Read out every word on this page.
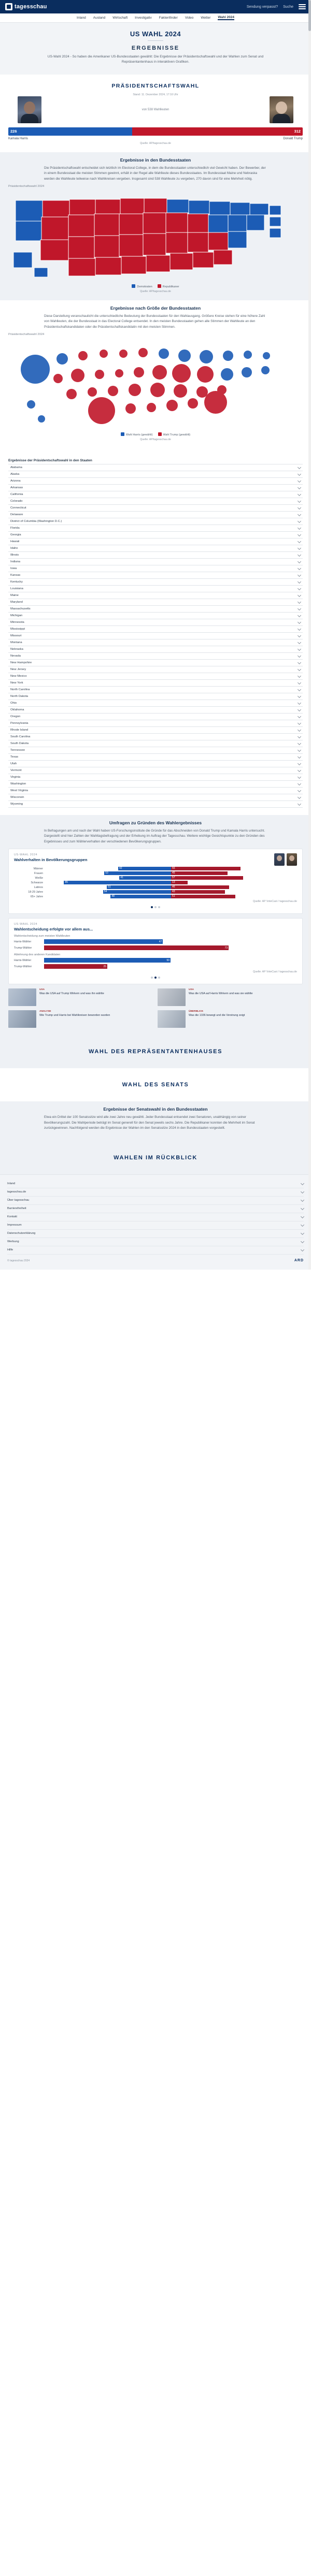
tagesschau	Sendung verpasst? Suche
Inland Ausland Wirtschaft Investigativ Faktenfinder Video Wetter Wahl 2024
US WAHL 2024
ERGEBNISSE

US-Wahl 2024 - So haben die Amerikaner US-Bundesstaaten gewählt: Die Ergebnisse der Präsidentschaftswahl und der Wahlen zum Senat und Repräsentantenhaus in interaktiven Grafiken.

PRÄSIDENTSCHAFTSWAHL
Stand: 11. Dezember 2024, 17:16 Uhr
von 538 Wahlleuten
226	312
Kamala Harris	Donald Trump
Quelle: AP/tagesschau.de
Ergebnisse in den Bundesstaaten

Die Präsidentschaftswahl entscheidet sich letztlich im Electoral College, in dem die Bundesstaaten unterschiedlich viel Gewicht haben. Der Bewerber, der in einem Bundesstaat die meisten Stimmen gewinnt, erhält in der Regel alle Wahlleute dieses Bundesstaates. Im Bundesstaat Maine und Nebraska werden die Wahlleute teilweise nach Wahlkreisen vergeben. Insgesamt sind 538 Wahlleute zu vergeben, 270 davon sind für eine Mehrheit nötig.

Präsidentschaftswahl 2024
Demokraten	Republikaner
Quelle: AP/tagesschau.de
Ergebnisse nach Größe der Bundesstaaten

Diese Darstellung veranschaulicht die unterschiedliche Bedeutung der Bundesstaaten für den Wahlausgang. Größere Kreise stehen für eine höhere Zahl von Wahlleuten, die der Bundesstaat in das Electoral College entsendet. In den meisten Bundesstaaten gehen alle Stimmen der Wahlleute an den Präsidentschaftskandidaten oder die Präsidentschaftskandidatin mit den meisten Stimmen.

Präsidentschaftswahl 2024
Wahl Harris (gewählt)	Wahl Trump (gewählt)
Quelle: AP/tagesschau.de
Ergebnisse der Präsidentschaftswahl in den Staaten
Alabama
Alaska
Arizona
Arkansas
California
Colorado
Connecticut
Delaware
District of Columbia (Washington D.C.)
Florida
Georgia
Hawaii
Idaho
Illinois
Indiana
Iowa
Kansas
Kentucky
Louisiana
Maine
Maryland
Massachusetts
Michigan
Minnesota
Mississippi
Missouri
Montana
Nebraska
Nevada
New Hampshire
New Jersey
New Mexico
New York
North Carolina
North Dakota
Ohio
Oklahoma
Oregon
Pennsylvania
Rhode Island
South Carolina
South Dakota
Tennessee
Texas
Utah
Vermont
Virginia
Washington
West Virginia
Wisconsin
Wyoming
Umfragen zu Gründen des Wahlergebnisses

In Befragungen am und nach der Wahl haben US-Forschungsinstitute die Gründe für das Abschneiden von Donald Trump und Kamala Harris untersucht. Dargestellt sind hier Zahlen der Wahltagsbefragung und der Erhebung im Auftrag der Tagesschau. Weitere wichtige Gesichtspunkte zu den Gründen des Ergebnisses und zum Wählerverhalten der verschiedenen Bevölkerungsgruppen.

US-WAHL 2024
Wahlverhalten in Bevölkerungsgruppen
Männer	42	55
Frauen	53	45
Weiße	41	57
Schwarze	85	13
Latinos	51	46
18-29 Jahre	54	43
65+ Jahre	48	51
Quelle: AP VoteCast / tagesschau.de
US-WAHL 2024
Wahlentscheidung erfolgte vor allem aus...
Wahlentscheidung zum meisten Wahlleuten
Harris-Wähler	47
Trump-Wähler	73
Ablehnung des anderen Kandidaten
Harris-Wähler	50
Trump-Wähler	25
Quelle: AP VoteCast / tagesschau.de
USA
Was die USA auf Trump Wirkern und was ihn wählte
USA
Was die USA auf Harris Wirkern und was sie wählte
ANALYSE
Wie Trump und Harris bei Wahlkreisen beworden wurden
ÜBERBLICK
Was die 1336 bewegt und die Verstrung zeigt
WAHL DES REPRÄSENTANTENHAUSES
WAHL DES SENATS
Ergebnisse der Senatswahl in den Bundesstaaten

Etwa ein Drittel der 100 Senatssitze wird alle zwei Jahre neu gewählt. Jeder Bundesstaat entsendet zwei Senatoren, unabhängig von seiner Bevölkerungszahl. Die Wahlperiode beträgt im Senat generell für den Senat jeweils sechs Jahre. Die Republikaner konnten die Mehrheit im Senat zurückgewinnen. Nachfolgend werden die Ergebnisse der Wahlen im den Senatssitze 2024 in den Bundesstaaten vorgestellt.

WAHLEN IM RÜCKBLICK
Inland
tagesschau.de
Über tagesschau
Barrierefreiheit
Kontakt
Impressum
Datenschutzerklärung
Werbung
Hilfe
© tagesschau 2024	ARD
